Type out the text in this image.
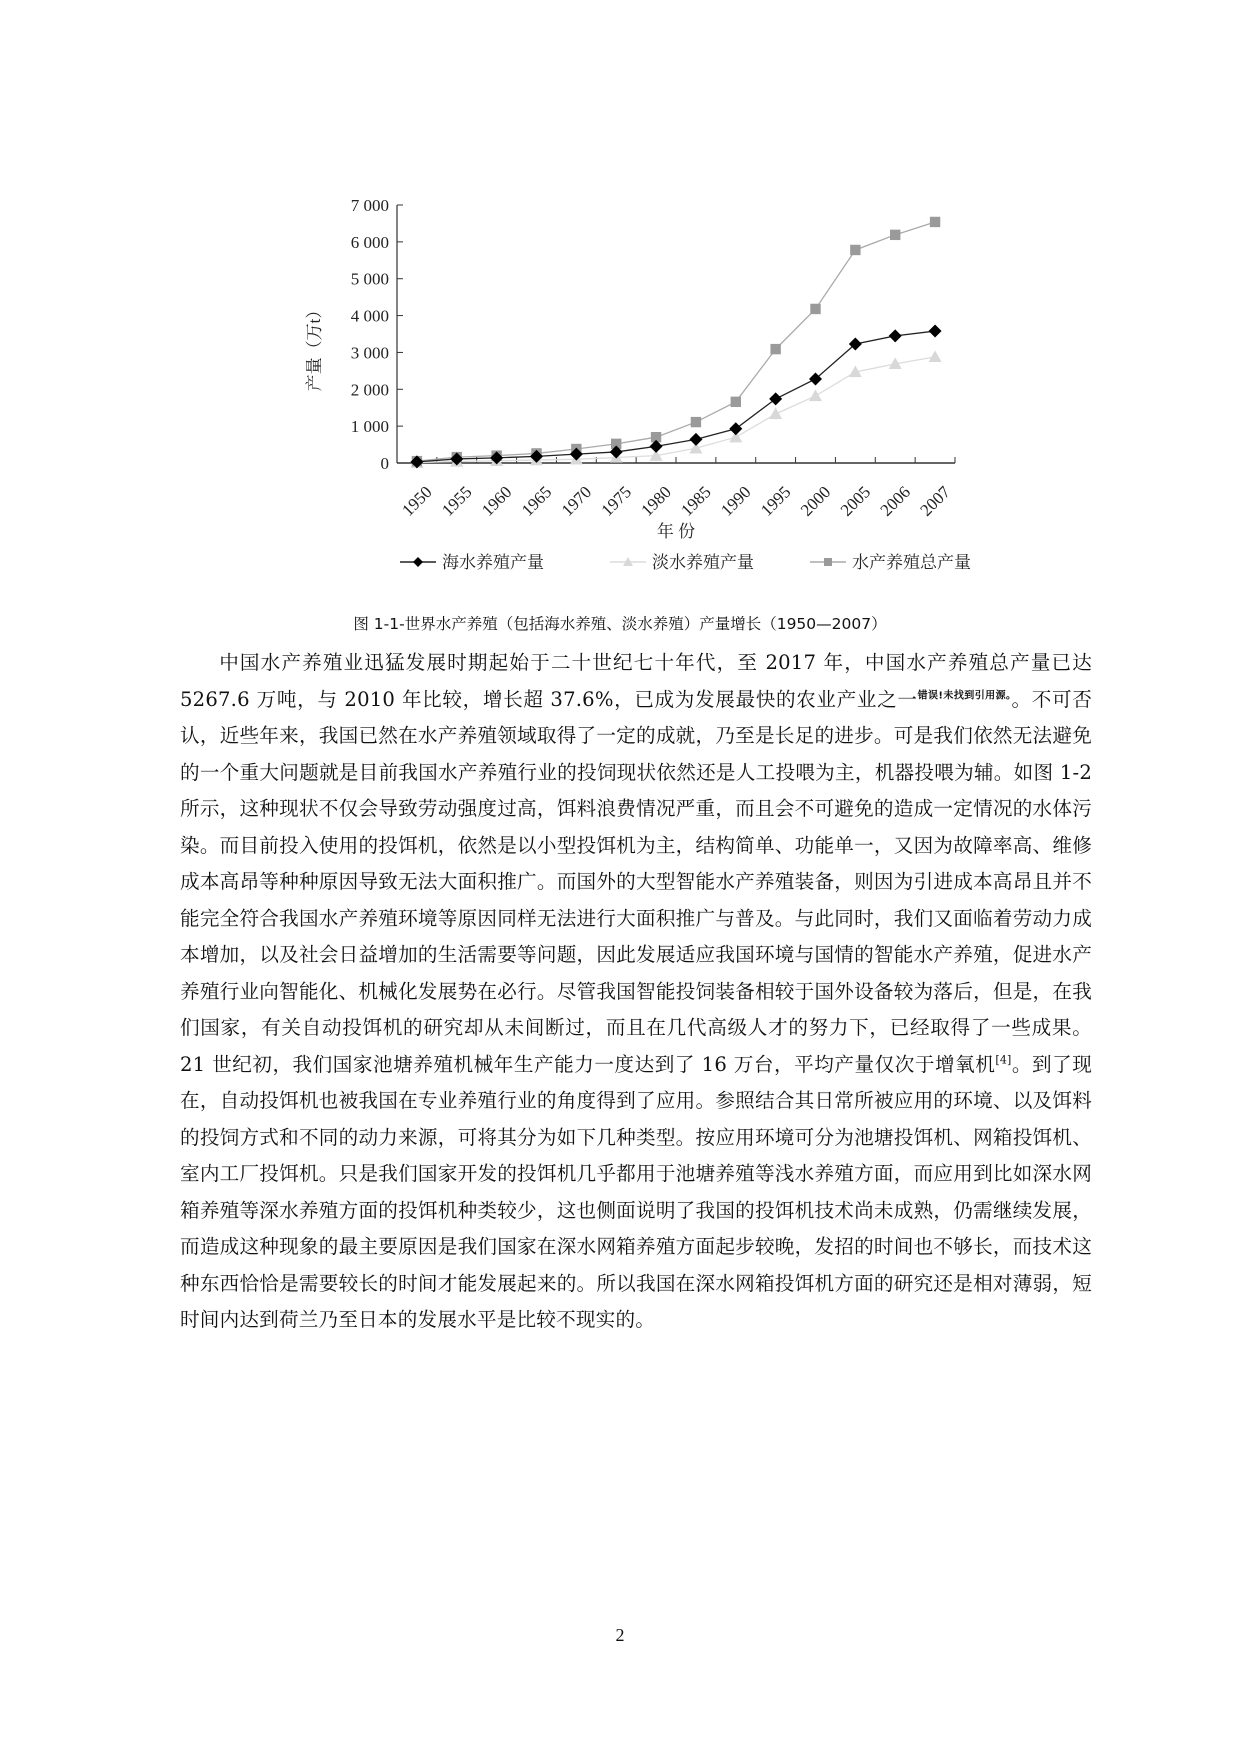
0
1 000
2 000
3 000
4 000
5 000
6 000
7 000
1950 1955 1960 1965 1970 1975 1980 1985 1990 1995 2000 2005 2006 2007
产量（万t）
年 份
海水养殖产量	淡水养殖产量	水产养殖总产量
图 1-1-世界水产养殖（包括海水养殖、淡水养殖）产量增长（1950—2007）

中国水产养殖业迅猛发展时期起始于二十世纪七十年代，至 2017 年，中国水产养殖总产量已达 5267.6 万吨，与 2010 年比较，增长超 37.6%，已成为发展最快的农业产业之一$^{错误!未找到引用源。}$。不可否认，近些年来，我国已然在水产养殖领域取得了一定的成就，乃至是长足的进步。可是我们依然无法避免的一个重大问题就是目前我国水产养殖行业的投饲现状依然还是人工投喂为主，机器投喂为辅。如图 1-2 所示，这种现状不仅会导致劳动强度过高，饵料浪费情况严重，而且会不可避免的造成一定情况的水体污染。而目前投入使用的投饵机，依然是以小型投饵机为主，结构简单、功能单一，又因为故障率高、维修成本高昂等种种原因导致无法大面积推广。而国外的大型智能水产养殖装备，则因为引进成本高昂且并不能完全符合我国水产养殖环境等原因同样无法进行大面积推广与普及。与此同时，我们又面临着劳动力成本增加，以及社会日益增加的生活需要等问题，因此发展适应我国环境与国情的智能水产养殖，促进水产养殖行业向智能化、机械化发展势在必行。尽管我国智能投饲装备相较于国外设备较为落后，但是，在我们国家，有关自动投饵机的研究却从未间断过，而且在几代高级人才的努力下，已经取得了一些成果。21 世纪初，我们国家池塘养殖机械年生产能力一度达到了 16 万台，平均产量仅次于增氧机[4]。到了现在，自动投饵机也被我国在专业养殖行业的角度得到了应用。参照结合其日常所被应用的环境、以及饵料的投饲方式和不同的动力来源，可将其分为如下几种类型。按应用环境可分为池塘投饵机、网箱投饵机、室内工厂投饵机。只是我们国家开发的投饵机几乎都用于池塘养殖等浅水养殖方面，而应用到比如深水网箱养殖等深水养殖方面的投饵机种类较少，这也侧面说明了我国的投饵机技术尚未成熟，仍需继续发展，而造成这种现象的最主要原因是我们国家在深水网箱养殖方面起步较晚，发招的时间也不够长，而技术这种东西恰恰是需要较长的时间才能发展起来的。所以我国在深水网箱投饵机方面的研究还是相对薄弱，短时间内达到荷兰乃至日本的发展水平是比较不现实的。

2
